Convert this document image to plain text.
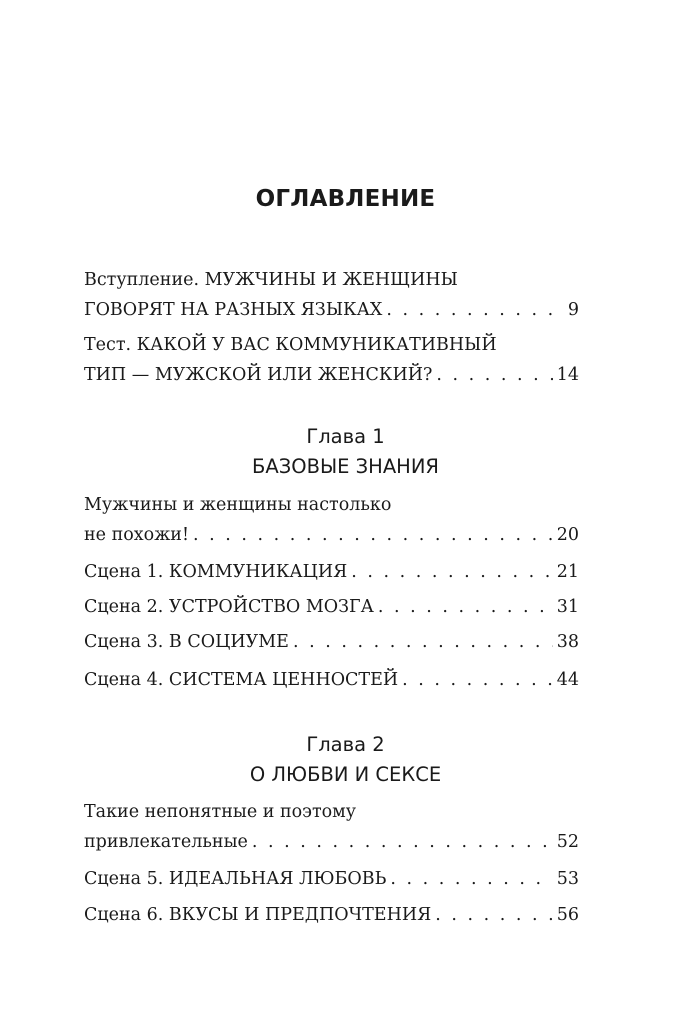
ОГЛАВЛЕНИЕ
Вступление. МУЖЧИНЫ И ЖЕНЩИНЫ
ГОВОРЯТ НА РАЗНЫХ ЯЗЫКАХ . . .	9
Тест. КАКОЙ У ВАС КОММУНИКАТИВНЫЙ
ТИП — МУЖСКОЙ ИЛИ ЖЕНСКИЙ? . . .	14
Глава 1
БАЗОВЫЕ ЗНАНИЯ
Мужчины и женщины настолько
не похожи! . . .	20
Сцена 1. КОММУНИКАЦИЯ . . .	21
Сцена 2. УСТРОЙСТВО МОЗГА . . .	31
Сцена 3. В СОЦИУМЕ . . .	38
Сцена 4. СИСТЕМА ЦЕННОСТЕЙ . . .	44
Глава 2
О ЛЮБВИ И СЕКСЕ
Такие непонятные и поэтому
привлекательные . . .	52
Сцена 5. ИДЕАЛЬНАЯ ЛЮБОВЬ . . .	53
Сцена 6. ВКУСЫ И ПРЕДПОЧТЕНИЯ . . .	56
